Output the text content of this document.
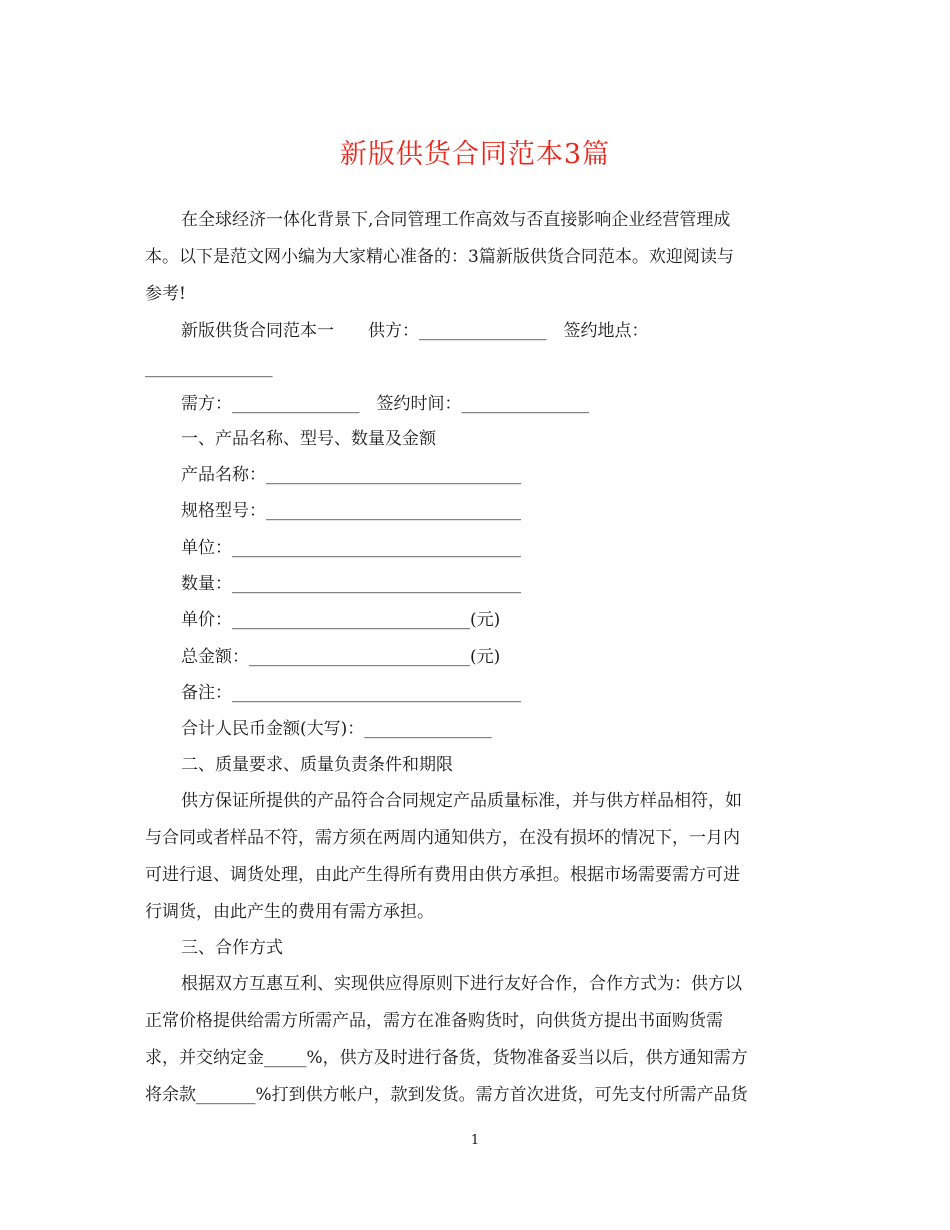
新版供货合同范本3篇
在全球经济一体化背景下,合同管理工作高效与否直接影响企业经营管理成
本。以下是范文网小编为大家精心准备的：3篇新版供货合同范本。欢迎阅读与
参考!
新版供货合同范本一　　供方：_______________　签约地点：
_______________
需方：_______________　签约时间：_______________
一、产品名称、型号、数量及金额
产品名称：______________________________
规格型号：______________________________
单位：__________________________________
数量：__________________________________
单价：____________________________(元)
总金额：__________________________(元)
备注：__________________________________
合计人民币金额(大写)：_______________
二、质量要求、质量负责条件和期限
供方保证所提供的产品符合合同规定产品质量标准，并与供方样品相符，如
与合同或者样品不符，需方须在两周内通知供方，在没有损坏的情况下，一月内
可进行退、调货处理，由此产生得所有费用由供方承担。根据市场需要需方可进
行调货，由此产生的费用有需方承担。
三、合作方式
根据双方互惠互利、实现供应得原则下进行友好合作，合作方式为：供方以
正常价格提供给需方所需产品，需方在准备购货时，向供货方提出书面购货需
求，并交纳定金_____%，供方及时进行备货，货物准备妥当以后，供方通知需方
将余款_______%打到供方帐户，款到发货。需方首次进货，可先支付所需产品货
1
